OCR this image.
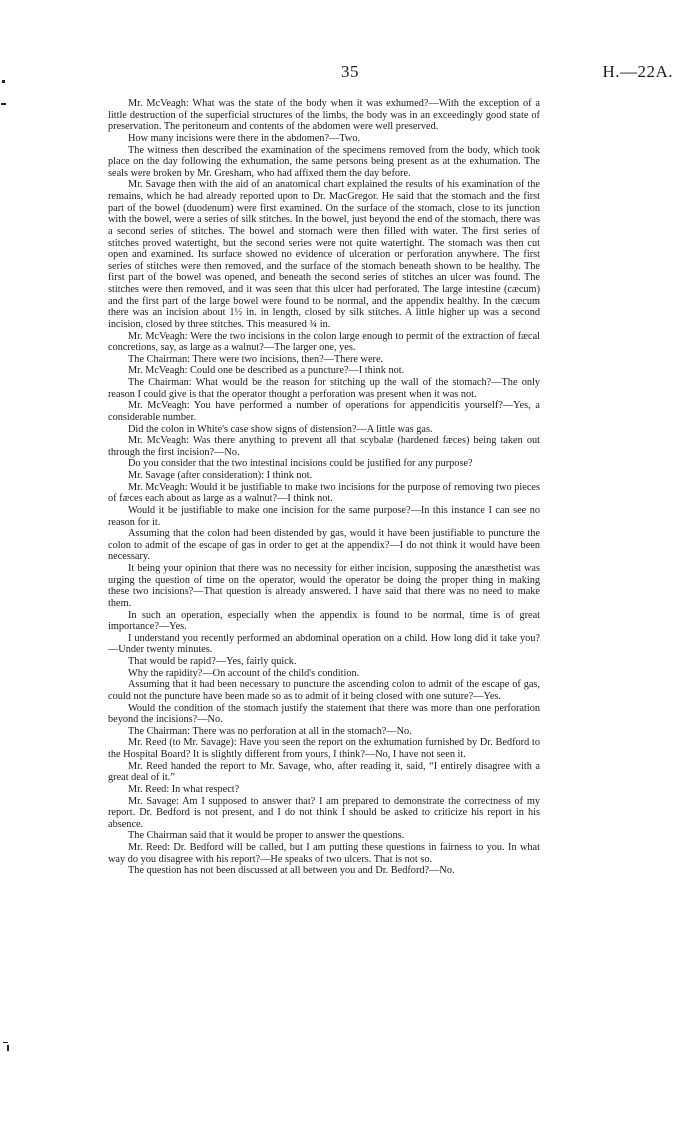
35	H.—22A.

Mr. McVeagh: What was the state of the body when it was exhumed?—With the exception of a little destruction of the superficial structures of the limbs, the body was in an exceedingly good state of preservation. The peritoneum and contents of the abdomen were well preserved.

How many incisions were there in the abdomen?—Two.

The witness then described the examination of the specimens removed from the body, which took place on the day following the exhumation, the same persons being present as at the exhumation. The seals were broken by Mr. Gresham, who had affixed them the day before.

Mr. Savage then with the aid of an anatomical chart explained the results of his examination of the remains, which he had already reported upon to Dr. MacGregor. He said that the stomach and the first part of the bowel (duodenum) were first examined. On the surface of the stomach, close to its junction with the bowel, were a series of silk stitches. In the bowel, just beyond the end of the stomach, there was a second series of stitches. The bowel and stomach were then filled with water. The first series of stitches proved watertight, but the second series were not quite watertight. The stomach was then cut open and examined. Its surface showed no evidence of ulceration or perforation anywhere. The first series of stitches were then removed, and the surface of the stomach beneath shown to be healthy. The first part of the bowel was opened, and beneath the second series of stitches an ulcer was found. The stitches were then removed, and it was seen that this ulcer had perforated. The large intestine (cæcum) and the first part of the large bowel were found to be normal, and the appendix healthy. In the cæcum there was an incision about 1½ in. in length, closed by silk stitches. A little higher up was a second incision, closed by three stitches. This measured ¾ in.

Mr. McVeagh: Were the two incisions in the colon large enough to permit of the extraction of fæcal concretions, say, as large as a walnut?—The larger one, yes.

The Chairman: There were two incisions, then?—There were.

Mr. McVeagh: Could one be described as a puncture?—I think not.

The Chairman: What would be the reason for stitching up the wall of the stomach?—The only reason I could give is that the operator thought a perforation was present when it was not.

Mr. McVeagh: You have performed a number of operations for appendicitis yourself?—Yes, a considerable number.

Did the colon in White's case show signs of distension?—A little was gas.

Mr. McVeagh: Was there anything to prevent all that scybalæ (hardened fæces) being taken out through the first incision?—No.

Do you consider that the two intestinal incisions could be justified for any purpose?

Mr. Savage (after consideration): I think not.

Mr. McVeagh: Would it be justifiable to make two incisions for the purpose of removing two pieces of fæces each about as large as a walnut?—I think not.

Would it be justifiable to make one incision for the same purpose?—In this instance I can see no reason for it.

Assuming that the colon had been distended by gas, would it have been justifiable to puncture the colon to admit of the escape of gas in order to get at the appendix?—I do not think it would have been necessary.

It being your opinion that there was no necessity for either incision, supposing the anæsthetist was urging the question of time on the operator, would the operator be doing the proper thing in making these two incisions?—That question is already answered. I have said that there was no need to make them.

In such an operation, especially when the appendix is found to be normal, time is of great importance?—Yes.

I understand you recently performed an abdominal operation on a child. How long did it take you?—Under twenty minutes.

That would be rapid?—Yes, fairly quick.

Why the rapidity?—On account of the child's condition.

Assuming that it had been necessary to puncture the ascending colon to admit of the escape of gas, could not the puncture have been made so as to admit of it being closed with one suture?—Yes.

Would the condition of the stomach justify the statement that there was more than one perforation beyond the incisions?—No.

The Chairman: There was no perforation at all in the stomach?—No.

Mr. Reed (to Mr. Savage): Have you seen the report on the exhumation furnished by Dr. Bedford to the Hospital Board? It is slightly different from yours, I think?—No, I have not seen it.

Mr. Reed handed the report to Mr. Savage, who, after reading it, said, “I entirely disagree with a great deal of it.”

Mr. Reed: In what respect?

Mr. Savage: Am I supposed to answer that? I am prepared to demonstrate the correctness of my report. Dr. Bedford is not present, and I do not think I should be asked to criticize his report in his absence.

The Chairman said that it would be proper to answer the questions.

Mr. Reed: Dr. Bedford will be called, but I am putting these questions in fairness to you. In what way do you disagree with his report?—He speaks of two ulcers. That is not so.

The question has not been discussed at all between you and Dr. Bedford?—No.
